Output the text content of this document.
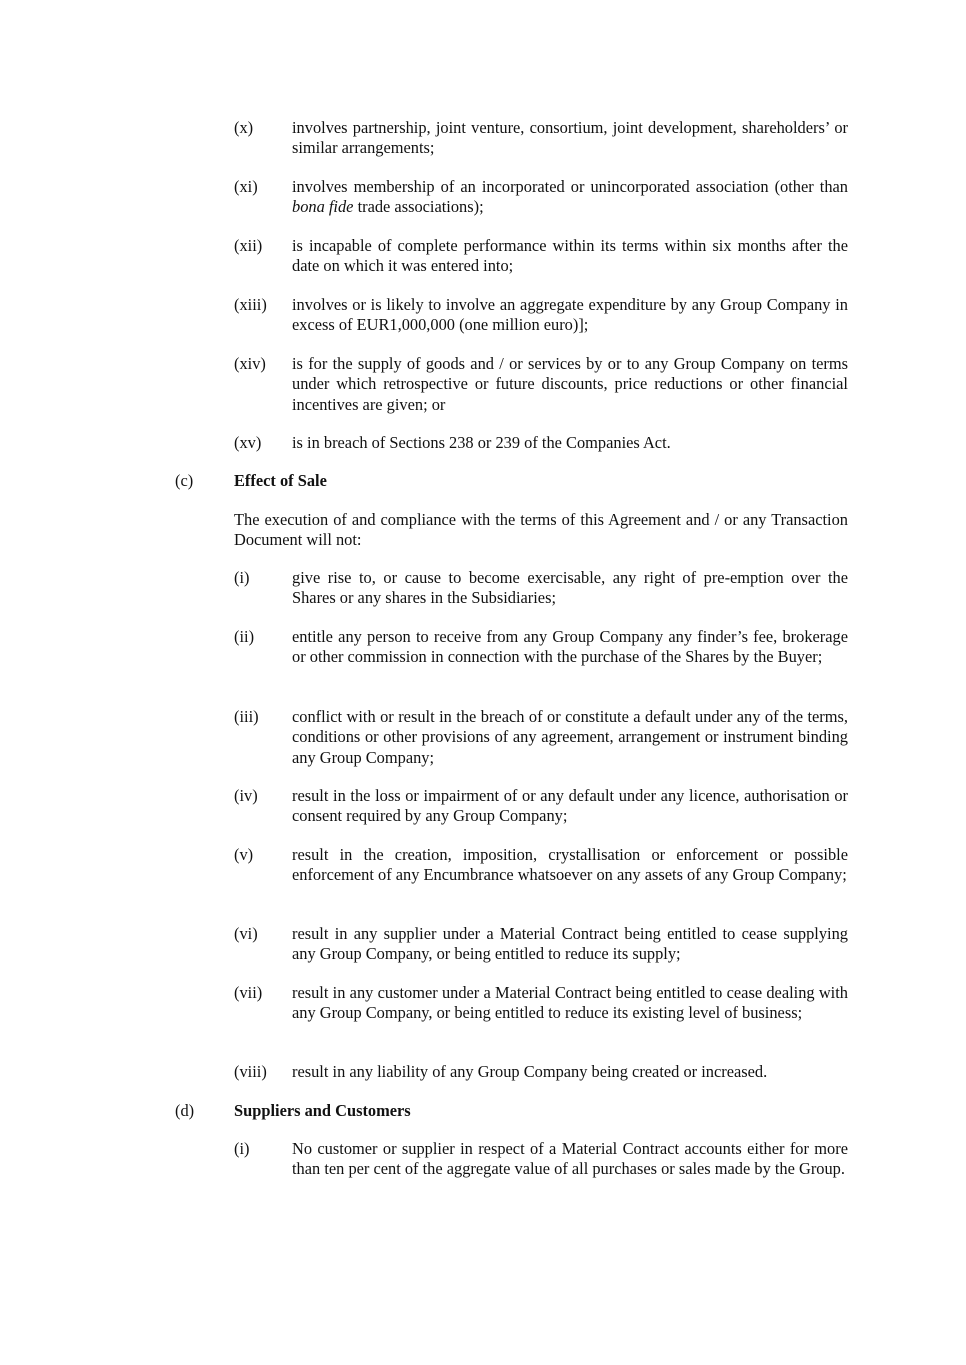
(x) involves partnership, joint venture, consortium, joint development, shareholders’ or similar arrangements;
(xi) involves membership of an incorporated or unincorporated association (other than bona fide trade associations);
(xii) is incapable of complete performance within its terms within six months after the date on which it was entered into;
(xiii) involves or is likely to involve an aggregate expenditure by any Group Company in excess of EUR1,000,000 (one million euro)];
(xiv) is for the supply of goods and / or services by or to any Group Company on terms under which retrospective or future discounts, price reductions or other financial incentives are given; or
(xv) is in breach of Sections 238 or 239 of the Companies Act.
(c) Effect of Sale
The execution of and compliance with the terms of this Agreement and / or any Transaction Document will not:
(i)	give rise to, or cause to become exercisable, any right of pre-emption over the Shares or any shares in the Subsidiaries;
(ii) entitle any person to receive from any Group Company any finder’s fee, brokerage or other commission in connection with the purchase of the Shares by the Buyer;
(iii) conflict with or result in the breach of or constitute a default under any of the terms, conditions or other provisions of any agreement, arrangement or instrument binding any Group Company;
(iv) result in the loss or impairment of or any default under any licence, authorisation or consent required by any Group Company;
(v) result in the creation, imposition, crystallisation or enforcement or possible enforcement of any Encumbrance whatsoever on any assets of any Group Company;
(vi) result in any supplier under a Material Contract being entitled to cease supplying any Group Company, or being entitled to reduce its supply;
(vii) result in any customer under a Material Contract being entitled to cease dealing with any Group Company, or being entitled to reduce its existing level of business;
(viii) result in any liability of any Group Company being created or increased.
(d) Suppliers and Customers
(i)	No customer or supplier in respect of a Material Contract accounts either for more than ten per cent of the aggregate value of all purchases or sales made by the Group.
